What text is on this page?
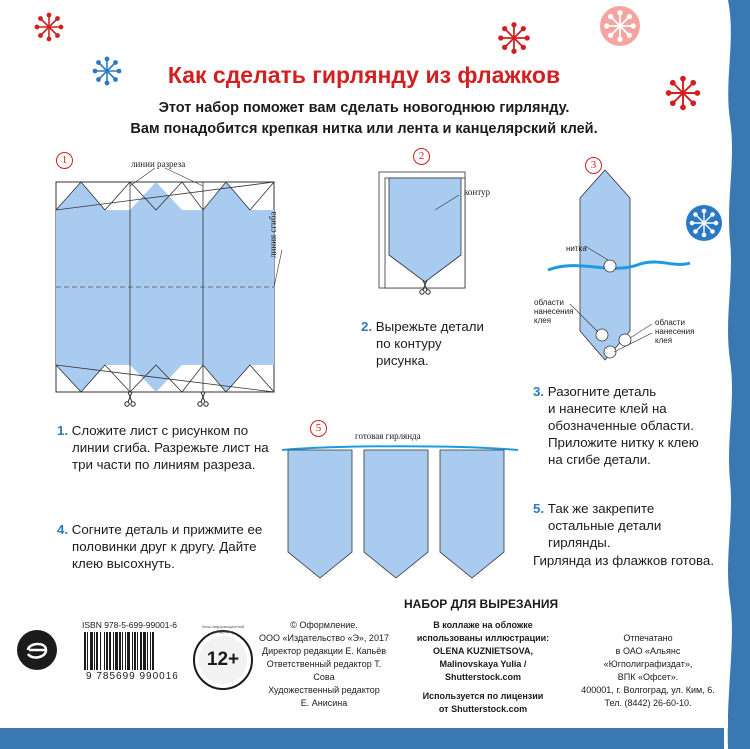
Как сделать гирлянду из флажков
Этот набор поможет вам сделать новогоднюю гирлянду.
Вам понадобится крепкая нитка или лента и канцелярский клей.
1	линии разреза
линия сгиба
2
контур
2. Вырежьте детали
по контуру
рисунка.
3
нитка
области
нанесения
клея	области
нанесения
клея
3. Разогните деталь
и нанесите клей на
обозначенные области.
Приложите нитку к клею
на сгибе детали.
1. Сложите лист с рисунком по
линии сгиба. Разрежьте лист на
три части по линиям разреза.
4. Согните деталь и прижмите ее
половинки друг к другу. Дайте
клею высохнуть.
5
готовая гирлянда
5. Так же закрепите
остальные детали
гирлянды.
Гирлянда из флажков готова.
НАБОР ДЛЯ ВЫРЕЗАНИЯ
ISBN 978-5-699-99001-6
9 785699 990016
12+
Знак информационной продукции
© Оформление.
ООО «Издательство «Э», 2017
Директор редакции Е. Капьёв
Ответственный редактор Т. Сова
Художественный редактор
Е. Анисина
В коллаже на обложке
использованы иллюстрации:
OLENA KUZNIETSOVA,
Malinovskaya Yulia /
Shutterstock.com
Используется по лицензии
от Shutterstock.com
Отпечатано
в ОАО «Альянс
«Югполиграфиздат»,
ВПК «Офсет».
400001, г. Волгоград, ул. Ким, 6.
Тел. (8442) 26-60-10.
